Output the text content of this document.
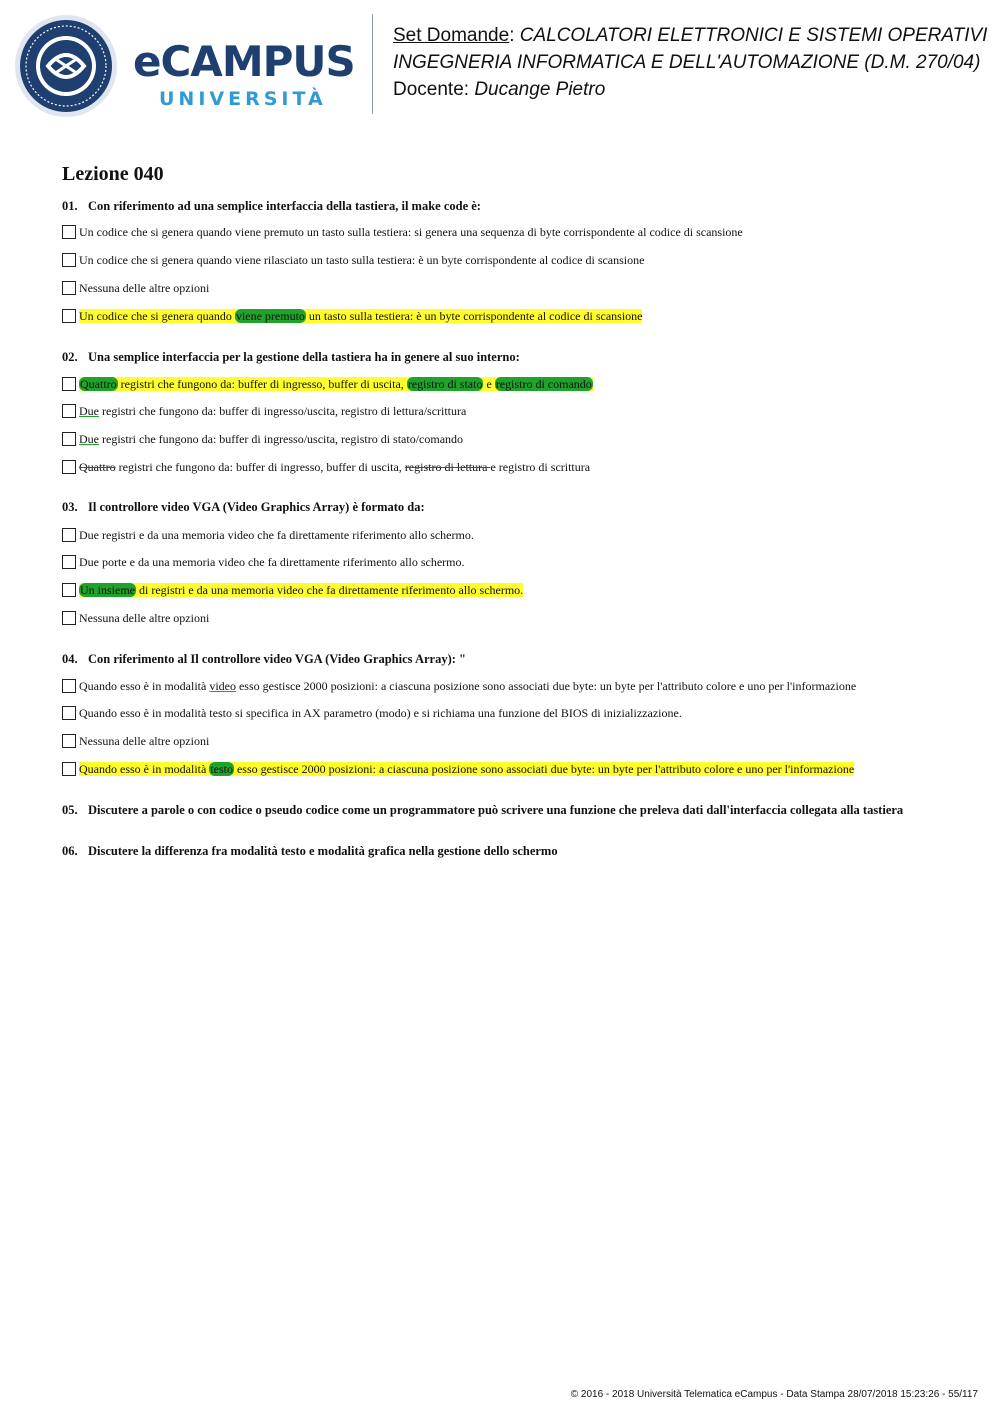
eCAMPUS
UNIVERSITÀ
Set Domande: CALCOLATORI ELETTRONICI E SISTEMI OPERATIVI
INGEGNERIA INFORMATICA E DELL'AUTOMAZIONE (D.M. 270/04)
Docente: Ducange Pietro
Lezione 040
01. Con riferimento ad una semplice interfaccia della tastiera, il make code è:
Un codice che si genera quando viene premuto un tasto sulla testiera: si genera una sequenza di byte corrispondente al codice di scansione
Un codice che si genera quando viene rilasciato un tasto sulla testiera: è un byte corrispondente al codice di scansione
Nessuna delle altre opzioni
Un codice che si genera quando viene premuto un tasto sulla testiera: è un byte corrispondente al codice di scansione
02. Una semplice interfaccia per la gestione della tastiera ha in genere al suo interno:
Quattro registri che fungono da: buffer di ingresso, buffer di uscita, registro di stato e registro di comando
Due registri che fungono da: buffer di ingresso/uscita, registro di lettura/scrittura
Due registri che fungono da: buffer di ingresso/uscita, registro di stato/comando
Quattro registri che fungono da: buffer di ingresso, buffer di uscita, registro di lettura e registro di scrittura
03. Il controllore video VGA (Video Graphics Array) è formato da:
Due registri e da una memoria video che fa direttamente riferimento allo schermo.
Due porte e da una memoria video che fa direttamente riferimento allo schermo.
Un insieme di registri e da una memoria video che fa direttamente riferimento allo schermo.
Nessuna delle altre opzioni
04. Con riferimento al Il controllore video VGA (Video Graphics Array): "
Quando esso è in modalità video esso gestisce 2000 posizioni: a ciascuna posizione sono associati due byte: un byte per l'attributo colore e uno per l'informazione
Quando esso è in modalità testo si specifica in AX parametro (modo) e si richiama una funzione del BIOS di inizializzazione.
Nessuna delle altre opzioni
Quando esso è in modalità testo esso gestisce 2000 posizioni: a ciascuna posizione sono associati due byte: un byte per l'attributo colore e uno per l'informazione
05. Discutere a parole o con codice o pseudo codice come un programmatore può scrivere una funzione che preleva dati dall'interfaccia collegata alla tastiera
06. Discutere la differenza fra modalità testo e modalità grafica nella gestione dello schermo
© 2016 - 2018 Università Telematica eCampus - Data Stampa 28/07/2018 15:23:26 - 55/117
